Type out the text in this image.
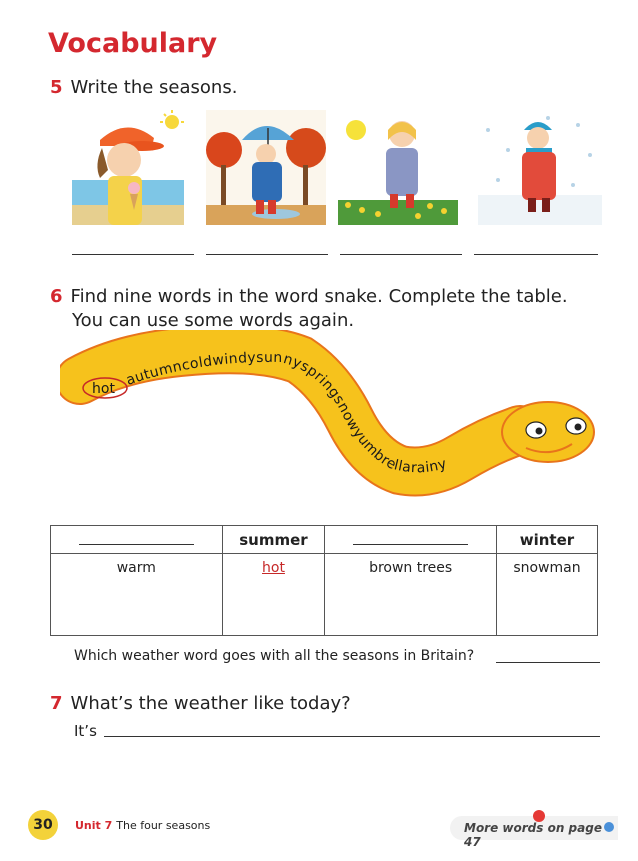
Vocabulary
5 Write the seasons.
6 Find nine words in the word snake. Complete the table.
You can use some words again.
hot
autumncoldwindysunnyspringsnowyumbrellarainy
	summer		winter
warm	hot	brown trees	snowman
Which weather word goes with all the seasons in Britain?
7 What’s the weather like today?
It’s
30	Unit 7 The four seasons	More words on page 47
